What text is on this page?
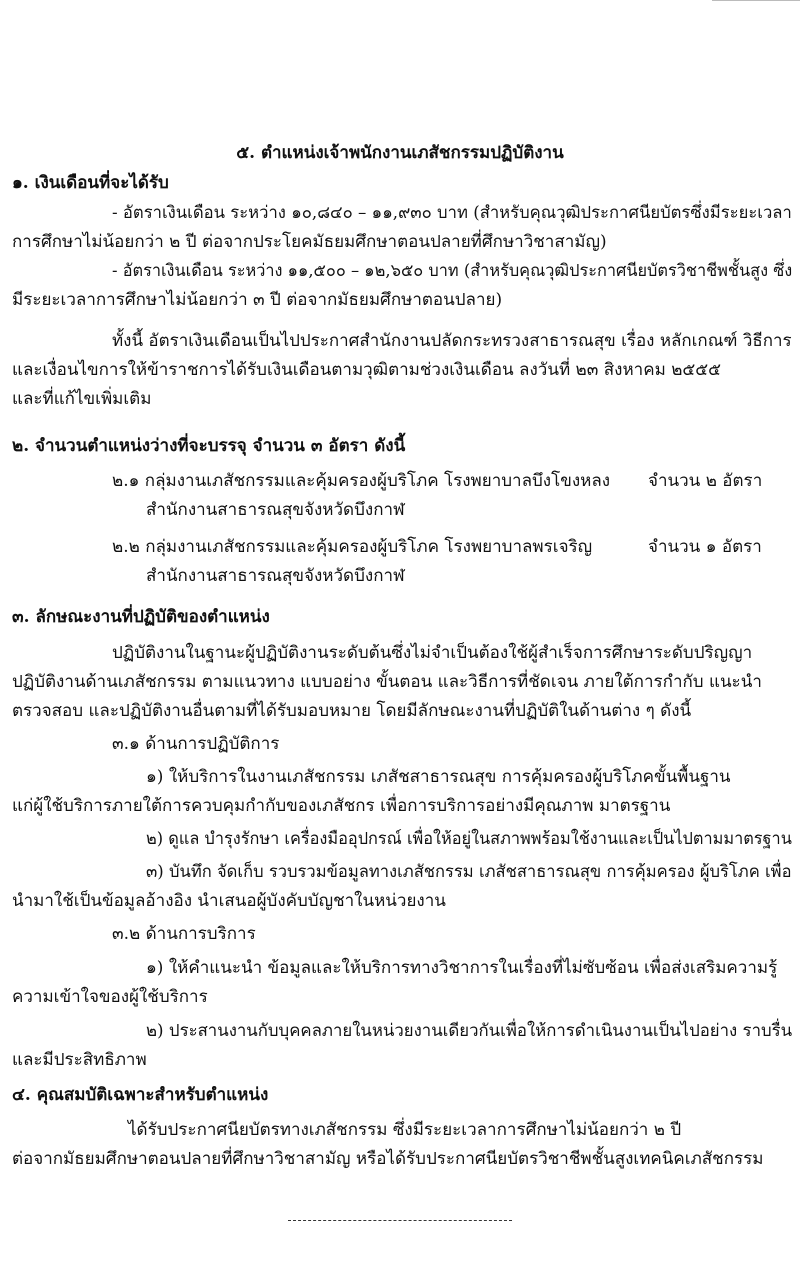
๕. ตำแหน่งเจ้าพนักงานเภสัชกรรมปฏิบัติงาน
๑. เงินเดือนที่จะได้รับ
- อัตราเงินเดือน ระหว่าง ๑๐,๘๔๐ – ๑๑,๙๓๐ บาท (สำหรับคุณวุฒิประกาศนียบัตรซึ่งมีระยะเวลา
การศึกษาไม่น้อยกว่า ๒ ปี ต่อจากประโยคมัธยมศึกษาตอนปลายที่ศึกษาวิชาสามัญ)
- อัตราเงินเดือน ระหว่าง ๑๑,๕๐๐ – ๑๒,๖๕๐ บาท (สำหรับคุณวุฒิประกาศนียบัตรวิชาชีพชั้นสูง ซึ่ง
มีระยะเวลาการศึกษาไม่น้อยกว่า ๓ ปี ต่อจากมัธยมศึกษาตอนปลาย)
ทั้งนี้ อัตราเงินเดือนเป็นไปประกาศสำนักงานปลัดกระทรวงสาธารณสุข เรื่อง หลักเกณฑ์ วิธีการ
และเงื่อนไขการให้ข้าราชการได้รับเงินเดือนตามวุฒิตามช่วงเงินเดือน ลงวันที่ ๒๓ สิงหาคม ๒๕๕๕
และที่แก้ไขเพิ่มเติม
๒. จำนวนตำแหน่งว่างที่จะบรรจุ จำนวน ๓ อัตรา ดังนี้
๒.๑ กลุ่มงานเภสัชกรรมและคุ้มครองผู้บริโภค โรงพยาบาลบึงโขงหลง จำนวน ๒ อัตรา
สำนักงานสาธารณสุขจังหวัดบึงกาฬ
๒.๒ กลุ่มงานเภสัชกรรมและคุ้มครองผู้บริโภค โรงพยาบาลพรเจริญ	จำนวน ๑ อัตรา
สำนักงานสาธารณสุขจังหวัดบึงกาฬ
๓. ลักษณะงานที่ปฏิบัติของตำแหน่ง
ปฏิบัติงานในฐานะผู้ปฏิบัติงานระดับต้นซึ่งไม่จำเป็นต้องใช้ผู้สำเร็จการศึกษาระดับปริญญา
ปฏิบัติงานด้านเภสัชกรรม ตามแนวทาง แบบอย่าง ขั้นตอน และวิธีการที่ชัดเจน ภายใต้การกำกับ แนะนำ
ตรวจสอบ และปฏิบัติงานอื่นตามที่ได้รับมอบหมาย โดยมีลักษณะงานที่ปฏิบัติในด้านต่าง ๆ ดังนี้
๓.๑ ด้านการปฏิบัติการ
๑) ให้บริการในงานเภสัชกรรม เภสัชสาธารณสุข การคุ้มครองผู้บริโภคขั้นพื้นฐาน
แก่ผู้ใช้บริการภายใต้การควบคุมกำกับของเภสัชกร เพื่อการบริการอย่างมีคุณภาพ มาตรฐาน
๒) ดูแล บำรุงรักษา เครื่องมืออุปกรณ์ เพื่อให้อยู่ในสภาพพร้อมใช้งานและเป็นไปตามมาตรฐาน
๓) บันทึก จัดเก็บ รวบรวมข้อมูลทางเภสัชกรรม เภสัชสาธารณสุข การคุ้มครอง ผู้บริโภค เพื่อ
นำมาใช้เป็นข้อมูลอ้างอิง นำเสนอผู้บังคับบัญชาในหน่วยงาน
๓.๒ ด้านการบริการ
๑) ให้คำแนะนำ ข้อมูลและให้บริการทางวิชาการในเรื่องที่ไม่ซับซ้อน เพื่อส่งเสริมความรู้
ความเข้าใจของผู้ใช้บริการ
๒) ประสานงานกับบุคคลภายในหน่วยงานเดียวกันเพื่อให้การดำเนินงานเป็นไปอย่าง ราบรื่น
และมีประสิทธิภาพ
๔. คุณสมบัติเฉพาะสำหรับตำแหน่ง
ได้รับประกาศนียบัตรทางเภสัชกรรม ซึ่งมีระยะเวลาการศึกษาไม่น้อยกว่า ๒ ปี
ต่อจากมัธยมศึกษาตอนปลายที่ศึกษาวิชาสามัญ หรือได้รับประกาศนียบัตรวิชาชีพชั้นสูงเทคนิคเภสัชกรรม
